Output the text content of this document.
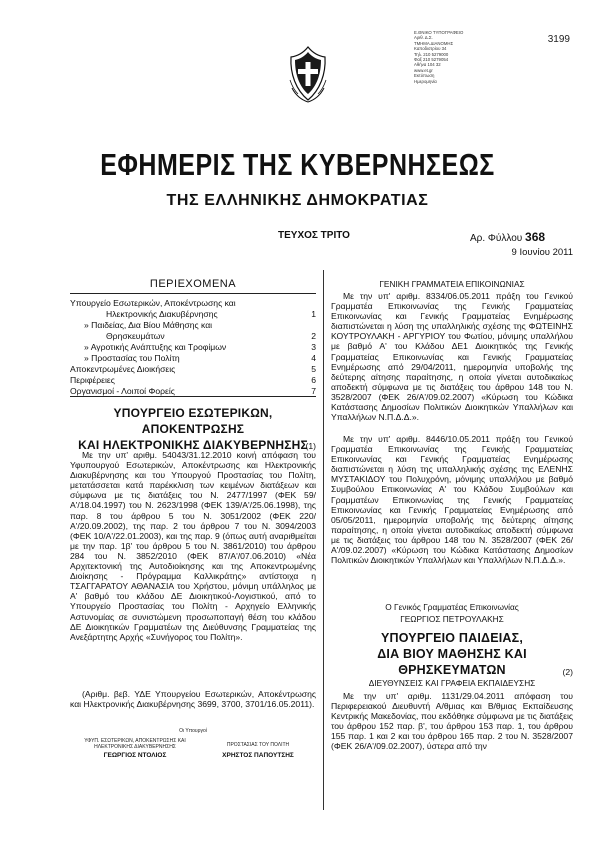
Ε.ΘΝΙΚΟ ΤΥΠΟΓΡΑΦΕΙΟ
Αριθ. Δ.Σ.
ΤΜΗΜΑ ΔΙΑΝΟΜΗΣ
Καποδιστρίου 34
Τηλ. 210 5279000
Φαξ 210 5279054
Αθήνα 104 32
www.et.gr
Εκτύπωση
Ημερομηνία
3199
ΕΦΗΜΕΡΙΣ ΤΗΣ ΚΥΒΕΡΝΗΣΕΩΣ
ΤΗΣ ΕΛΛΗΝΙΚΗΣ ΔΗΜΟΚΡΑΤΙΑΣ
ΤΕΥΧΟΣ ΤΡΙΤΟ	Αρ. Φύλλου 368
9 Ιουνίου 2011
ΠΕΡΙΕΧΟΜΕΝΑ
Υπουργείο Εσωτερικών, Αποκέντρωσης και
Ηλεκτρονικής Διακυβέρνησης	1
» Παιδείας, Δια Βίου Μάθησης και
Θρησκευμάτων	2
» Αγροτικής Ανάπτυξης και Τροφίμων	3
» Προστασίας του Πολίτη	4
Αποκεντρωμένες Διοικήσεις	5
Περιφέρειες	6
Οργανισμοί - Λοιποί Φορείς	7
ΥΠΟΥΡΓΕΙΟ ΕΣΩΤΕΡΙΚΩΝ, ΑΠΟΚΕΝΤΡΩΣΗΣ
ΚΑΙ ΗΛΕΚΤΡΟΝΙΚΗΣ ΔΙΑΚΥΒΕΡΝΗΣΗΣ
(1)
Με την υπ' αριθμ. 54043/31.12.2010 κοινή απόφαση του Υφυπουργού Εσωτερικών, Αποκέντρωσης και Ηλεκτρονικής Διακυβέρνησης και του Υπουργού Προστασίας του Πολίτη, μετατάσσεται κατά παρέκκλιση των κειμένων διατάξεων και σύμφωνα με τις διατάξεις του Ν. 2477/1997 (ΦΕΚ 59/Α'/18.04.1997) του Ν. 2623/1998 (ΦΕΚ 139/Α'/25.06.1998), της παρ. 8 του άρθρου 5 του Ν. 3051/2002 (ΦΕΚ 220/Α'/20.09.2002), της παρ. 2 του άρθρου 7 του Ν. 3094/2003 (ΦΕΚ 10/Α'/22.01.2003), και της παρ. 9 (όπως αυτή αναριθμείται με την παρ. 1β' του άρθρου 5 του Ν. 3861/2010) του άρθρου 284 του Ν. 3852/2010 (ΦΕΚ 87/Α'/07.06.2010) «Νέα Αρχιτεκτονική της Αυτοδιοίκησης και της Αποκεντρωμένης Διοίκησης - Πρόγραμμα Καλλικράτης» αντίστοιχα η ΤΣΑΓΓΑΡΑΤΟΥ ΑΘΑΝΑΣΙΑ του Χρήστου, μόνιμη υπάλληλος με Α' βαθμό του κλάδου ΔΕ Διοικητικού-Λογιστικού, από το Υπουργείο Προστασίας του Πολίτη - Αρχηγείο Ελληνικής Αστυνομίας σε συνιστώμενη προσωποπαγή θέση του κλάδου ΔΕ Διοικητικών Γραμματέων της Διεύθυνσης Γραμματείας της Ανεξάρτητης Αρχής «Συνήγορος του Πολίτη».
(Αριθμ. βεβ. ΥΔΕ Υπουργείου Εσωτερικών, Αποκέντρωσης και Ηλεκτρονικής Διακυβέρνησης 3699, 3700, 3701/16.05.2011).
Οι Υπουργοί
ΥΦΥΠ. ΕΣΩΤΕΡΙΚΩΝ, ΑΠΟΚΕΝΤΡΩΣΗΣ ΚΑΙ ΗΛΕΚΤΡΟΝΙΚΗΣ ΔΙΑΚΥΒΕΡΝΗΣΗΣ
ΓΕΩΡΓΙΟΣ ΝΤΟΛΙΟΣ
ΠΡΟΣΤΑΣΙΑΣ ΤΟΥ ΠΟΛΙΤΗ
ΧΡΗΣΤΟΣ ΠΑΠΟΥΤΣΗΣ
ΓΕΝΙΚΗ ΓΡΑΜΜΑΤΕΙΑ ΕΠΙΚΟΙΝΩΝΙΑΣ
Με την υπ' αριθμ. 8334/06.05.2011 πράξη του Γενικού Γραμματέα Επικοινωνίας της Γενικής Γραμματείας Επικοινωνίας και Γενικής Γραμματείας Ενημέρωσης διαπιστώνεται η λύση της υπαλληλικής σχέσης της ΦΩΤΕΙΝΗΣ ΚΟΥΤΡΟΥΛΑΚΗ - ΑΡΓΥΡΙΟΥ του Φωτίου, μόνιμης υπαλλήλου με βαθμό Α' του Κλάδου ΔΕ1 Διοικητικός της Γενικής Γραμματείας Επικοινωνίας και Γενικής Γραμματείας Ενημέρωσης από 29/04/2011, ημερομηνία υποβολής της δεύτερης αίτησης παραίτησης, η οποία γίνεται αυτοδικαίως αποδεκτή σύμφωνα με τις διατάξεις του άρθρου 148 του Ν. 3528/2007 (ΦΕΚ 26/Α'/09.02.2007) «Κύρωση του Κώδικα Κατάστασης Δημοσίων Πολιτικών Διοικητικών Υπαλλήλων και Υπαλλήλων Ν.Π.Δ.Δ.».
Με την υπ' αριθμ. 8446/10.05.2011 πράξη του Γενικού Γραμματέα Επικοινωνίας της Γενικής Γραμματείας Επικοινωνίας και Γενικής Γραμματείας Ενημέρωσης διαπιστώνεται η λύση της υπαλληλικής σχέσης της ΕΛΕΝΗΣ ΜΥΣΤΑΚΙΔΟΥ του Πολυχρόνη, μόνιμης υπαλλήλου με βαθμό Συμβούλου Επικοινωνίας Α' του Κλάδου Συμβούλων και Γραμματέων Επικοινωνίας της Γενικής Γραμματείας Επικοινωνίας και Γενικής Γραμματείας Ενημέρωσης από 05/05/2011, ημερομηνία υποβολής της δεύτερης αίτησης παραίτησης, η οποία γίνεται αυτοδικαίως αποδεκτή σύμφωνα με τις διατάξεις του άρθρου 148 του Ν. 3528/2007 (ΦΕΚ 26/Α'/09.02.2007) «Κύρωση του Κώδικα Κατάστασης Δημοσίων Πολιτικών Διοικητικών Υπαλλήλων και Υπαλλήλων Ν.Π.Δ.Δ.».
Ο Γενικός Γραμματέας Επικοινωνίας
ΓΕΩΡΓΙΟΣ ΠΕΤΡΟΥΛΑΚΗΣ
ΥΠΟΥΡΓΕΙΟ ΠΑΙΔΕΙΑΣ,
ΔΙΑ ΒΙΟΥ ΜΑΘΗΣΗΣ ΚΑΙ ΘΡΗΣΚΕΥΜΑΤΩΝ	(2)
ΔΙΕΥΘΥΝΣΕΙΣ ΚΑΙ ΓΡΑΦΕΙΑ ΕΚΠΑΙΔΕΥΣΗΣ
Με την υπ' αριθμ. 1131/29.04.2011 απόφαση του Περιφερειακού Διευθυντή Α/θμιας και Β/θμιας Εκπαίδευσης Κεντρικής Μακεδονίας, που εκδόθηκε σύμφωνα με τις διατάξεις του άρθρου 152 παρ. β', του άρθρου 153 παρ. 1, του άρθρου 155 παρ. 1 και 2 και του άρθρου 165 παρ. 2 του Ν. 3528/2007 (ΦΕΚ 26/Α'/09.02.2007), ύστερα από την
